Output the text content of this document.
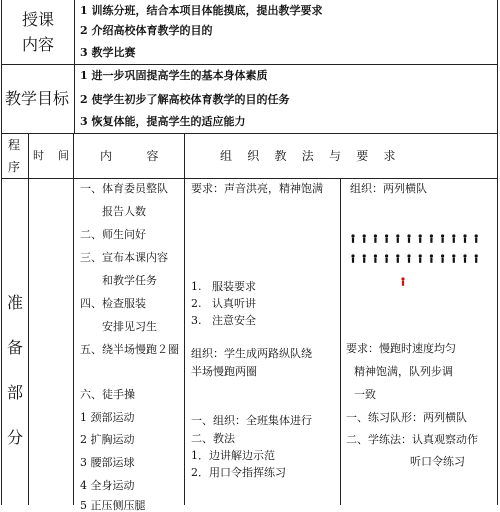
授课
内容
1 训练分班，结合本项目体能摸底，提出教学要求
2 介绍高校体育教学的目的
3 教学比赛
教学目标
1 进一步巩固提高学生的基本身体素质
2 使学生初步了解高校体育教学的目的任务
3 恢复体能，提高学生的适应能力
程
序
时    间	内         容	组    织    教    法    与    要    求
准
备
部
分
一、体育委员整队
报告人数
二、师生问好
三、宣布本课内容
和教学任务
四、检查服装
安排见习生
五、绕半场慢跑２圈
六、徒手操
1 颈部运动
2 扩胸运动
3 腰部运球
4 全身运动
5 正压侧压腿
要求：声音洪亮，精神饱满
1.   服装要求
2.   认真听讲
3.   注意安全
组织：学生成两路纵队绕
半场慢跑两圈
一、组织：全班集体进行
二、教法
1．边讲解边示范
2．用口令指挥练习
组织：两列横队
要求：慢跑时速度均匀
精神饱满，队列步调
一致
一、练习队形：两列横队
二、学练法：认真观察动作
听口令练习
